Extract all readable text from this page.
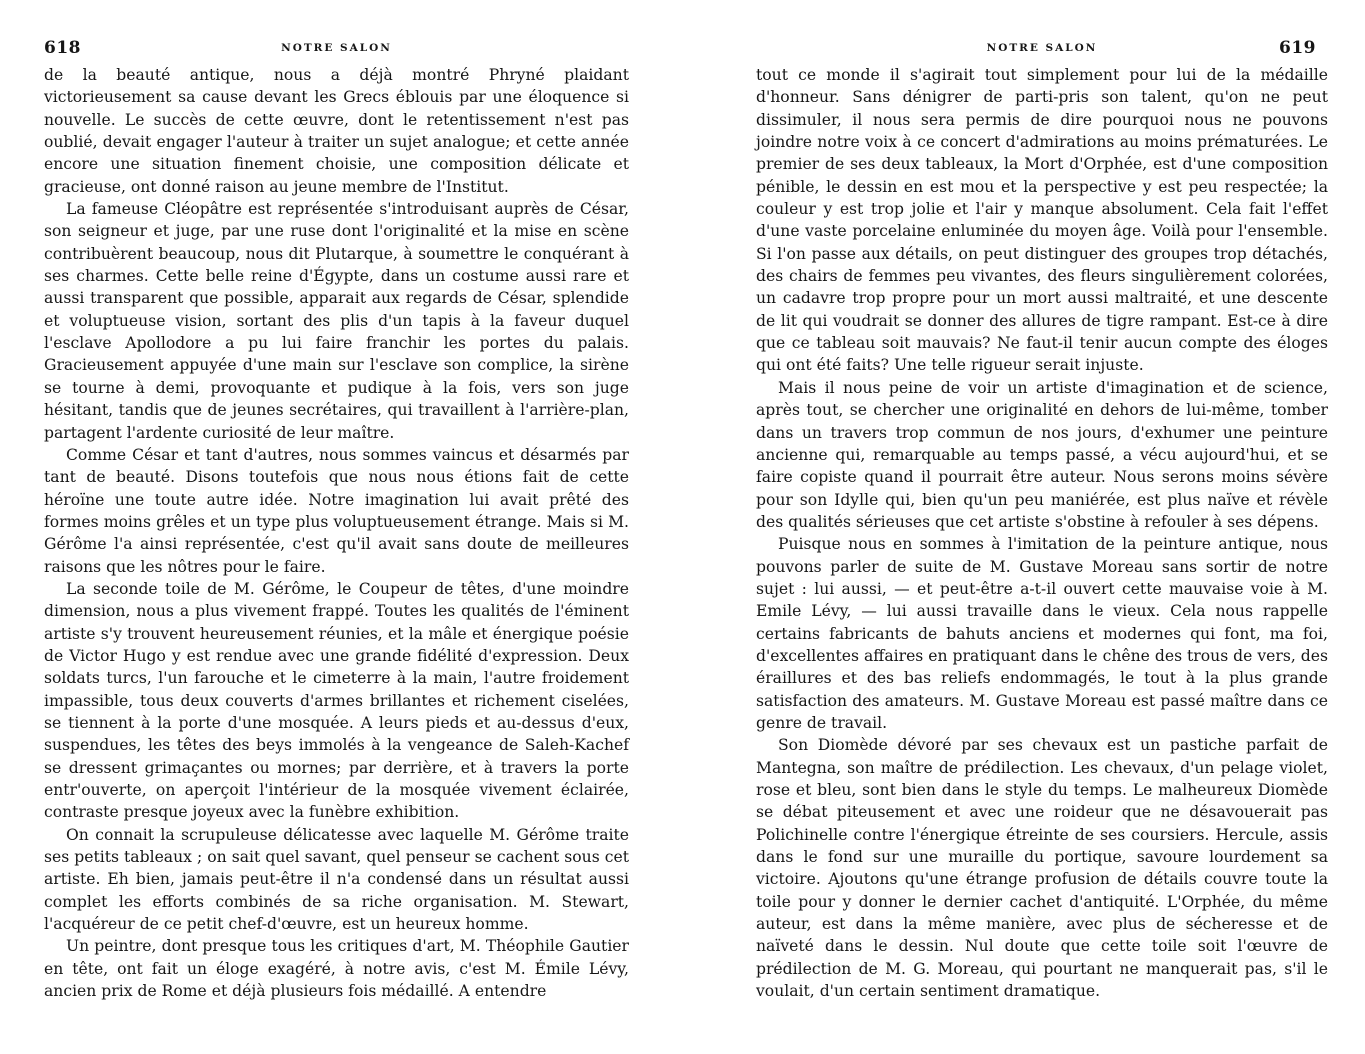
618	NOTRE SALON

de la beauté antique, nous a déjà montré Phryné plaidant victorieusement sa cause devant les Grecs éblouis par une éloquence si nouvelle. Le succès de cette œuvre, dont le retentissement n'est pas oublié, devait engager l'auteur à traiter un sujet analogue; et cette année encore une situation finement choisie, une composition délicate et gracieuse, ont donné raison au jeune membre de l'Institut.

La fameuse Cléopâtre est représentée s'introduisant auprès de César, son seigneur et juge, par une ruse dont l'originalité et la mise en scène contribuèrent beaucoup, nous dit Plutarque, à soumettre le conquérant à ses charmes. Cette belle reine d'Égypte, dans un costume aussi rare et aussi transparent que possible, apparait aux regards de César, splendide et voluptueuse vision, sortant des plis d'un tapis à la faveur duquel l'esclave Apollodore a pu lui faire franchir les portes du palais. Gracieusement appuyée d'une main sur l'esclave son complice, la sirène se tourne à demi, provoquante et pudique à la fois, vers son juge hésitant, tandis que de jeunes secrétaires, qui travaillent à l'arrière-plan, partagent l'ardente curiosité de leur maître.

Comme César et tant d'autres, nous sommes vaincus et désarmés par tant de beauté. Disons toutefois que nous nous étions fait de cette héroïne une toute autre idée. Notre imagination lui avait prêté des formes moins grêles et un type plus voluptueusement étrange. Mais si M. Gérôme l'a ainsi représentée, c'est qu'il avait sans doute de meilleures raisons que les nôtres pour le faire.

La seconde toile de M. Gérôme, le Coupeur de têtes, d'une moindre dimension, nous a plus vivement frappé. Toutes les qualités de l'éminent artiste s'y trouvent heureusement réunies, et la mâle et énergique poésie de Victor Hugo y est rendue avec une grande fidélité d'expression. Deux soldats turcs, l'un farouche et le cimeterre à la main, l'autre froidement impassible, tous deux couverts d'armes brillantes et richement ciselées, se tiennent à la porte d'une mosquée. A leurs pieds et au-dessus d'eux, suspendues, les têtes des beys immolés à la vengeance de Saleh-Kachef se dressent grimaçantes ou mornes; par derrière, et à travers la porte entr'ouverte, on aperçoit l'intérieur de la mosquée vivement éclairée, contraste presque joyeux avec la funèbre exhibition.

On connait la scrupuleuse délicatesse avec laquelle M. Gérôme traite ses petits tableaux ; on sait quel savant, quel penseur se cachent sous cet artiste. Eh bien, jamais peut-être il n'a condensé dans un résultat aussi complet les efforts combinés de sa riche organisation. M. Stewart, l'acquéreur de ce petit chef-d'œuvre, est un heureux homme.

Un peintre, dont presque tous les critiques d'art, M. Théophile Gautier en tête, ont fait un éloge exagéré, à notre avis, c'est M. Émile Lévy, ancien prix de Rome et déjà plusieurs fois médaillé. A entendre

NOTRE SALON	619

tout ce monde il s'agirait tout simplement pour lui de la médaille d'honneur. Sans dénigrer de parti-pris son talent, qu'on ne peut dissimuler, il nous sera permis de dire pourquoi nous ne pouvons joindre notre voix à ce concert d'admirations au moins prématurées. Le premier de ses deux tableaux, la Mort d'Orphée, est d'une composition pénible, le dessin en est mou et la perspective y est peu respectée; la couleur y est trop jolie et l'air y manque absolument. Cela fait l'effet d'une vaste porcelaine enluminée du moyen âge. Voilà pour l'ensemble. Si l'on passe aux détails, on peut distinguer des groupes trop détachés, des chairs de femmes peu vivantes, des fleurs singulièrement colorées, un cadavre trop propre pour un mort aussi maltraité, et une descente de lit qui voudrait se donner des allures de tigre rampant. Est-ce à dire que ce tableau soit mauvais? Ne faut-il tenir aucun compte des éloges qui ont été faits? Une telle rigueur serait injuste.

Mais il nous peine de voir un artiste d'imagination et de science, après tout, se chercher une originalité en dehors de lui-même, tomber dans un travers trop commun de nos jours, d'exhumer une peinture ancienne qui, remarquable au temps passé, a vécu aujourd'hui, et se faire copiste quand il pourrait être auteur. Nous serons moins sévère pour son Idylle qui, bien qu'un peu maniérée, est plus naïve et révèle des qualités sérieuses que cet artiste s'obstine à refouler à ses dépens.

Puisque nous en sommes à l'imitation de la peinture antique, nous pouvons parler de suite de M. Gustave Moreau sans sortir de notre sujet : lui aussi, — et peut-être a-t-il ouvert cette mauvaise voie à M. Emile Lévy, — lui aussi travaille dans le vieux. Cela nous rappelle certains fabricants de bahuts anciens et modernes qui font, ma foi, d'excellentes affaires en pratiquant dans le chêne des trous de vers, des éraillures et des bas reliefs endommagés, le tout à la plus grande satisfaction des amateurs. M. Gustave Moreau est passé maître dans ce genre de travail.

Son Diomède dévoré par ses chevaux est un pastiche parfait de Mantegna, son maître de prédilection. Les chevaux, d'un pelage violet, rose et bleu, sont bien dans le style du temps. Le malheureux Diomède se débat piteusement et avec une roideur que ne désavouerait pas Polichinelle contre l'énergique étreinte de ses coursiers. Hercule, assis dans le fond sur une muraille du portique, savoure lourdement sa victoire. Ajoutons qu'une étrange profusion de détails couvre toute la toile pour y donner le dernier cachet d'antiquité. L'Orphée, du même auteur, est dans la même manière, avec plus de sécheresse et de naïveté dans le dessin. Nul doute que cette toile soit l'œuvre de prédilection de M. G. Moreau, qui pourtant ne manquerait pas, s'il le voulait, d'un certain sentiment dramatique.
